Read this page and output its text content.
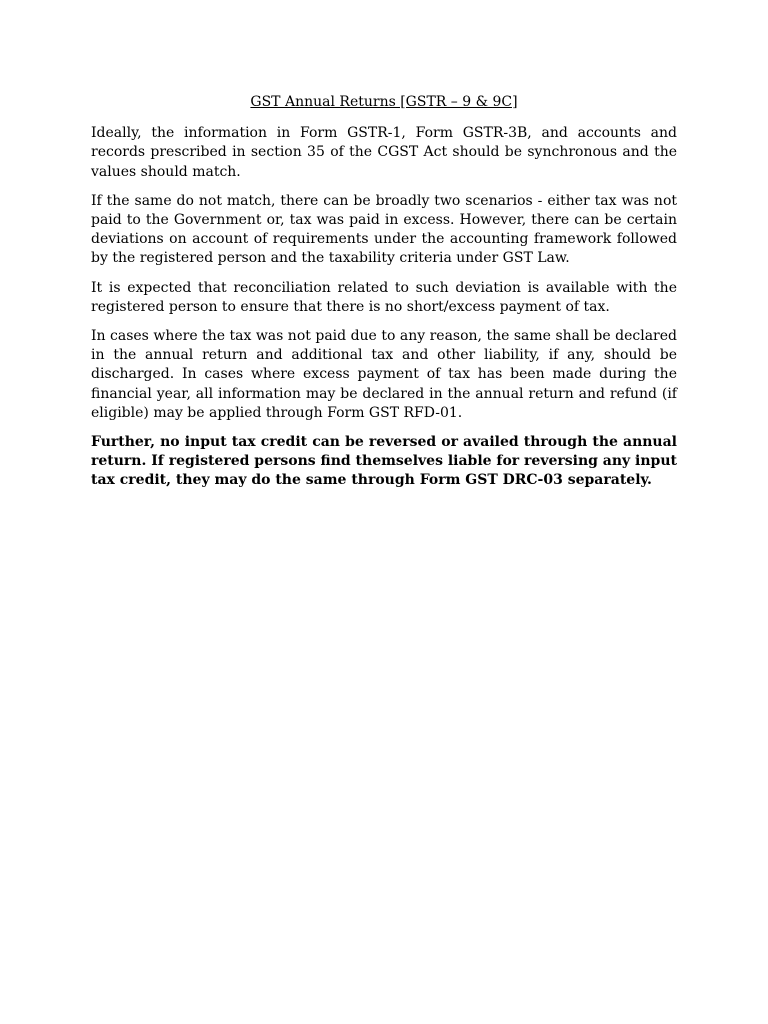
GST Annual Returns [GSTR – 9 & 9C]

Ideally, the information in Form GSTR-1, Form GSTR-3B, and accounts and records prescribed in section 35 of the CGST Act should be synchronous and the values should match.

If the same do not match, there can be broadly two scenarios - either tax was not paid to the Government or, tax was paid in excess. However, there can be certain deviations on account of requirements under the accounting framework followed by the registered person and the taxability criteria under GST Law.

It is expected that reconciliation related to such deviation is available with the registered person to ensure that there is no short/excess payment of tax.

In cases where the tax was not paid due to any reason, the same shall be declared in the annual return and additional tax and other liability, if any, should be discharged. In cases where excess payment of tax has been made during the financial year, all information may be declared in the annual return and refund (if eligible) may be applied through Form GST RFD-01.

Further, no input tax credit can be reversed or availed through the annual return. If registered persons find themselves liable for reversing any input tax credit, they may do the same through Form GST DRC-03 separately.
